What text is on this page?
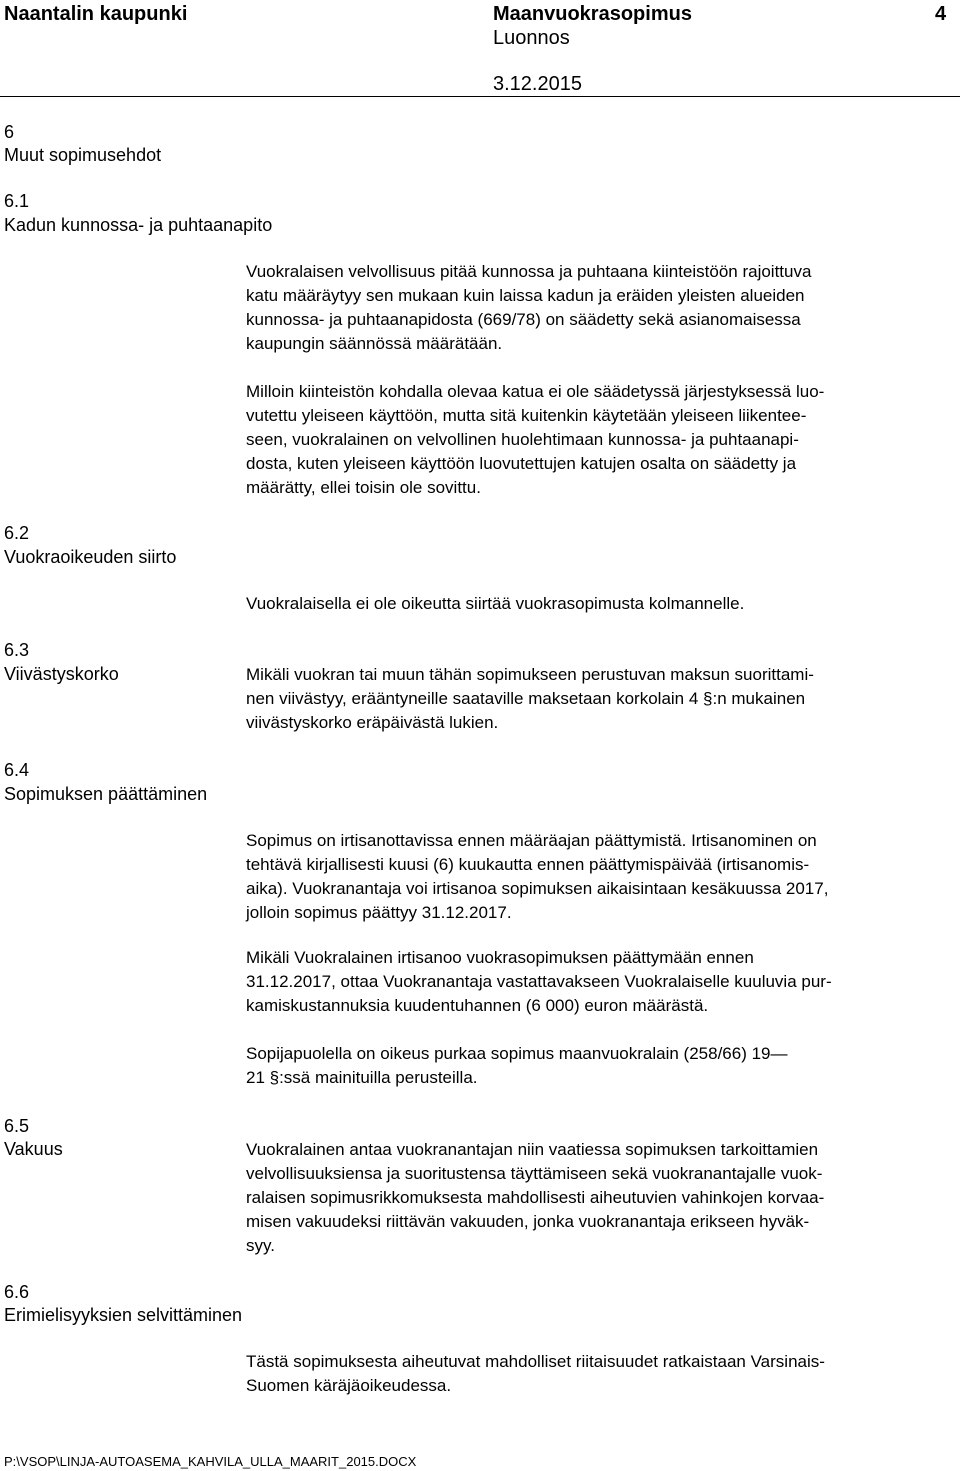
Naantalin kaupunki	Maanvuokrasopimus	4
Luonnos
3.12.2015
6
Muut sopimusehdot
6.1
Kadun kunnossa- ja puhtaanapito
Vuokralaisen velvollisuus pitää kunnossa ja puhtaana kiinteistöön rajoittuva
katu määräytyy sen mukaan kuin laissa kadun ja eräiden yleisten alueiden
kunnossa- ja puhtaanapidosta (669/78) on säädetty sekä asianomaisessa
kaupungin säännössä määrätään.
Milloin kiinteistön kohdalla olevaa katua ei ole säädetyssä järjestyksessä luo-
vutettu yleiseen käyttöön, mutta sitä kuitenkin käytetään yleiseen liikentee-
seen, vuokralainen on velvollinen huolehtimaan kunnossa- ja puhtaanapi-
dosta, kuten yleiseen käyttöön luovutettujen katujen osalta on säädetty ja
määrätty, ellei toisin ole sovittu.
6.2
Vuokraoikeuden siirto
Vuokralaisella ei ole oikeutta siirtää vuokrasopimusta kolmannelle.
6.3
Viivästyskorko	Mikäli vuokran tai muun tähän sopimukseen perustuvan maksun suorittami-
nen viivästyy, erääntyneille saataville maksetaan korkolain 4 §:n mukainen
viivästyskorko eräpäivästä lukien.
6.4
Sopimuksen päättäminen
Sopimus on irtisanottavissa ennen määräajan päättymistä. Irtisanominen on
tehtävä kirjallisesti kuusi (6) kuukautta ennen päättymispäivää (irtisanomis-
aika). Vuokranantaja voi irtisanoa sopimuksen aikaisintaan kesäkuussa 2017,
jolloin sopimus päättyy 31.12.2017.
Mikäli Vuokralainen irtisanoo vuokrasopimuksen päättymään ennen
31.12.2017, ottaa Vuokranantaja vastattavakseen Vuokralaiselle kuuluvia pur-
kamiskustannuksia kuudentuhannen (6 000) euron määrästä.
Sopijapuolella on oikeus purkaa sopimus maanvuokralain (258/66) 19—
21 §:ssä mainituilla perusteilla.
6.5
Vakuus	Vuokralainen antaa vuokranantajan niin vaatiessa sopimuksen tarkoittamien
velvollisuuksiensa ja suoritustensa täyttämiseen sekä vuokranantajalle vuok-
ralaisen sopimusrikkomuksesta mahdollisesti aiheutuvien vahinkojen korvaa-
misen vakuudeksi riittävän vakuuden, jonka vuokranantaja erikseen hyväk-
syy.
6.6
Erimielisyyksien selvittäminen
Tästä sopimuksesta aiheutuvat mahdolliset riitaisuudet ratkaistaan Varsinais-
Suomen käräjäoikeudessa.
P:\VSOP\LINJA-AUTOASEMA_KAHVILA_ULLA_MAARIT_2015.DOCX
